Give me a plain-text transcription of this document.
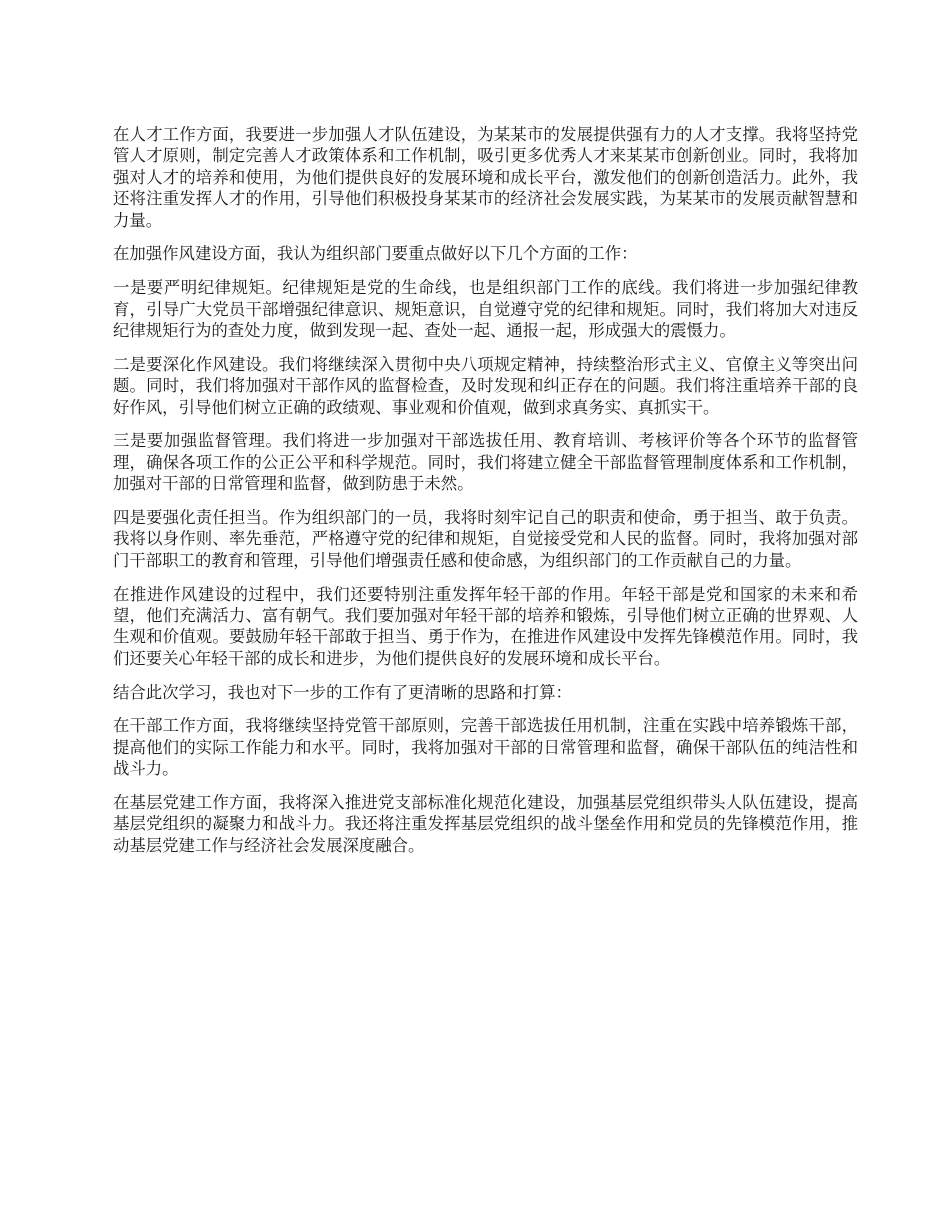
在人才工作方面，我要进一步加强人才队伍建设，为某某市的发展提供强有力的人才支撑。我将坚持党管人才原则，制定完善人才政策体系和工作机制，吸引更多优秀人才来某某市创新创业。同时，我将加强对人才的培养和使用，为他们提供良好的发展环境和成长平台，激发他们的创新创造活力。此外，我还将注重发挥人才的作用，引导他们积极投身某某市的经济社会发展实践，为某某市的发展贡献智慧和力量。

在加强作风建设方面，我认为组织部门要重点做好以下几个方面的工作：

一是要严明纪律规矩。纪律规矩是党的生命线，也是组织部门工作的底线。我们将进一步加强纪律教育，引导广大党员干部增强纪律意识、规矩意识，自觉遵守党的纪律和规矩。同时，我们将加大对违反纪律规矩行为的查处力度，做到发现一起、查处一起、通报一起，形成强大的震慑力。

二是要深化作风建设。我们将继续深入贯彻中央八项规定精神，持续整治形式主义、官僚主义等突出问题。同时，我们将加强对干部作风的监督检查，及时发现和纠正存在的问题。我们将注重培养干部的良好作风，引导他们树立正确的政绩观、事业观和价值观，做到求真务实、真抓实干。

三是要加强监督管理。我们将进一步加强对干部选拔任用、教育培训、考核评价等各个环节的监督管理，确保各项工作的公正公平和科学规范。同时，我们将建立健全干部监督管理制度体系和工作机制，加强对干部的日常管理和监督，做到防患于未然。

四是要强化责任担当。作为组织部门的一员，我将时刻牢记自己的职责和使命，勇于担当、敢于负责。我将以身作则、率先垂范，严格遵守党的纪律和规矩，自觉接受党和人民的监督。同时，我将加强对部门干部职工的教育和管理，引导他们增强责任感和使命感，为组织部门的工作贡献自己的力量。

在推进作风建设的过程中，我们还要特别注重发挥年轻干部的作用。年轻干部是党和国家的未来和希望，他们充满活力、富有朝气。我们要加强对年轻干部的培养和锻炼，引导他们树立正确的世界观、人生观和价值观。要鼓励年轻干部敢于担当、勇于作为，在推进作风建设中发挥先锋模范作用。同时，我们还要关心年轻干部的成长和进步，为他们提供良好的发展环境和成长平台。

结合此次学习，我也对下一步的工作有了更清晰的思路和打算：

在干部工作方面，我将继续坚持党管干部原则，完善干部选拔任用机制，注重在实践中培养锻炼干部，提高他们的实际工作能力和水平。同时，我将加强对干部的日常管理和监督，确保干部队伍的纯洁性和战斗力。

在基层党建工作方面，我将深入推进党支部标准化规范化建设，加强基层党组织带头人队伍建设，提高基层党组织的凝聚力和战斗力。我还将注重发挥基层党组织的战斗堡垒作用和党员的先锋模范作用，推动基层党建工作与经济社会发展深度融合。
